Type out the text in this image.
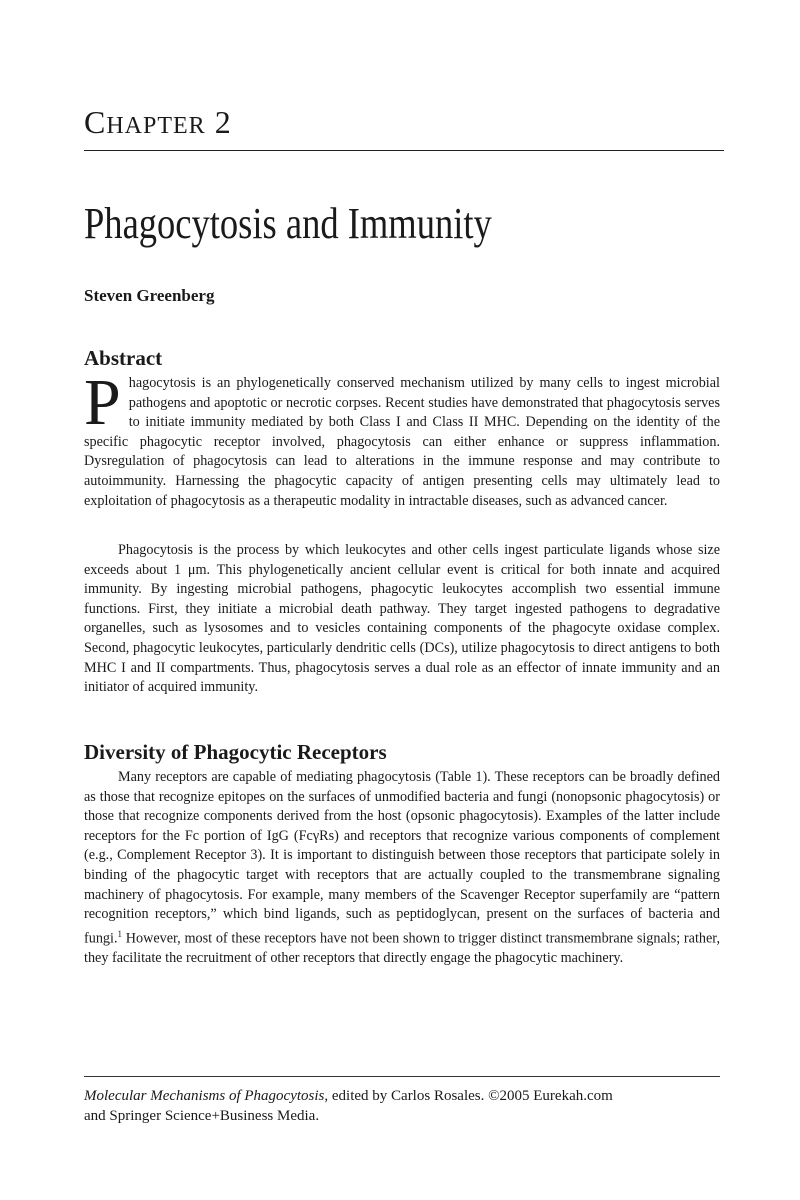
CHAPTER 2
Phagocytosis and Immunity
Steven Greenberg
Abstract

Phagocytosis is an phylogenetically conserved mechanism utilized by many cells to ingest microbial pathogens and apoptotic or necrotic corpses. Recent studies have demonstrated that phagocytosis serves to initiate immunity mediated by both Class I and Class II MHC. Depending on the identity of the specific phagocytic receptor involved, phagocytosis can either enhance or suppress inflammation. Dysregulation of phagocytosis can lead to alterations in the immune response and may contribute to autoimmunity. Harnessing the phagocytic capacity of antigen presenting cells may ultimately lead to exploitation of phagocytosis as a therapeutic modality in intractable diseases, such as advanced cancer.

Phagocytosis is the process by which leukocytes and other cells ingest particulate ligands whose size exceeds about 1 μm. This phylogenetically ancient cellular event is critical for both innate and acquired immunity. By ingesting microbial pathogens, phagocytic leukocytes accomplish two essential immune functions. First, they initiate a microbial death pathway. They target ingested pathogens to degradative organelles, such as lysosomes and to vesicles containing components of the phagocyte oxidase complex. Second, phagocytic leukocytes, particularly dendritic cells (DCs), utilize phagocytosis to direct antigens to both MHC I and II compartments. Thus, phagocytosis serves a dual role as an effector of innate immunity and an initiator of acquired immunity.

Diversity of Phagocytic Receptors

Many receptors are capable of mediating phagocytosis (Table 1). These receptors can be broadly defined as those that recognize epitopes on the surfaces of unmodified bacteria and fungi (nonopsonic phagocytosis) or those that recognize components derived from the host (opsonic phagocytosis). Examples of the latter include receptors for the Fc portion of IgG (FcγRs) and receptors that recognize various components of complement (e.g., Complement Receptor 3). It is important to distinguish between those receptors that participate solely in binding of the phagocytic target with receptors that are actually coupled to the transmembrane signaling machinery of phagocytosis. For example, many members of the Scavenger Receptor superfamily are “pattern recognition receptors,” which bind ligands, such as peptidoglycan, present on the surfaces of bacteria and fungi.$^1$ However, most of these receptors have not been shown to trigger distinct transmembrane signals; rather, they facilitate the recruitment of other receptors that directly engage the phagocytic machinery.

Molecular Mechanisms of Phagocytosis, edited by Carlos Rosales. ©2005 Eurekah.com
and Springer Science+Business Media.
